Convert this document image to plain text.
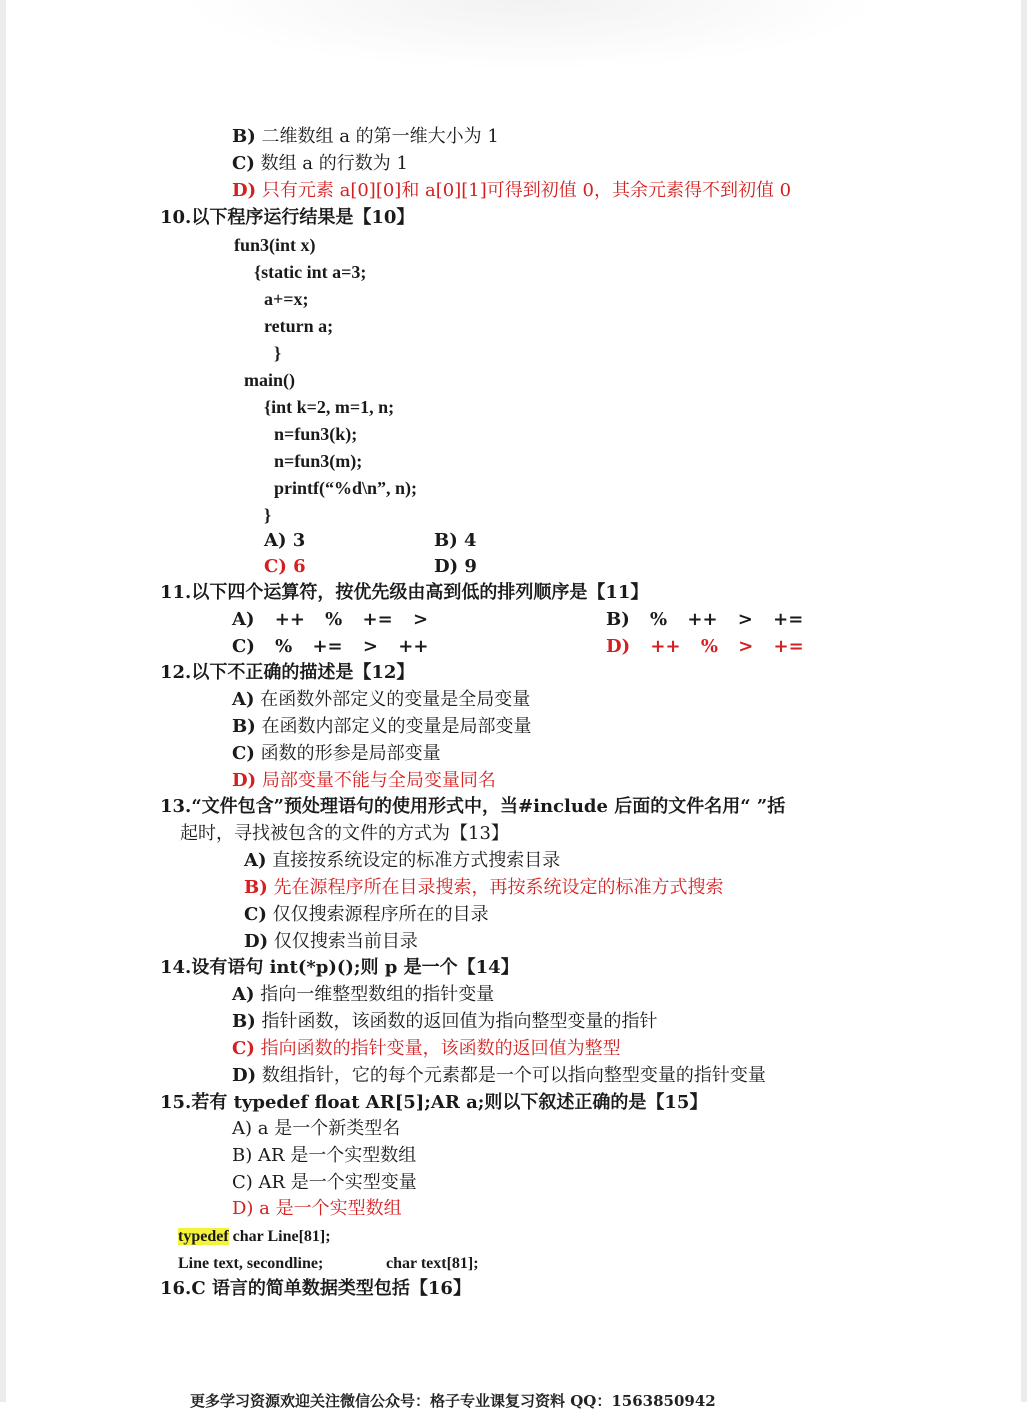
B) 二维数组 a 的第一维大小为 1
C) 数组 a 的行数为 1
D) 只有元素 a[0][0]和 a[0][1]可得到初值 0，其余元素得不到初值 0
10.以下程序运行结果是【10】
fun3(int x)
{static int a=3;
a+=x;
return a;
}
main()
{int k=2, m=1, n;
n=fun3(k);
n=fun3(m);
printf(“%d\n”, n);
}
A) 3	B) 4
C) 6	D) 9
11.以下四个运算符，按优先级由高到低的排列顺序是【11】
A) ++ % += >	B) % ++ > +=
C) % += > ++	D) ++ % > +=
12.以下不正确的描述是【12】
A) 在函数外部定义的变量是全局变量
B) 在函数内部定义的变量是局部变量
C) 函数的形参是局部变量
D) 局部变量不能与全局变量同名
13.“文件包含”预处理语句的使用形式中，当#include 后面的文件名用“ ”括
起时，寻找被包含的文件的方式为【13】
A) 直接按系统设定的标准方式搜索目录
B) 先在源程序所在目录搜索，再按系统设定的标准方式搜索
C) 仅仅搜索源程序所在的目录
D) 仅仅搜索当前目录
14.设有语句 int(*p)();则 p 是一个【14】
A) 指向一维整型数组的指针变量
B) 指针函数，该函数的返回值为指向整型变量的指针
C) 指向函数的指针变量，该函数的返回值为整型
D) 数组指针，它的每个元素都是一个可以指向整型变量的指针变量
15.若有 typedef float AR[5];AR a;则以下叙述正确的是【15】
A) a 是一个新类型名
B) AR 是一个实型数组
C) AR 是一个实型变量
D) a 是一个实型数组
typedef char Line[81];
Line text, secondline;	char text[81];
16.C 语言的简单数据类型包括【16】
更多学习资源欢迎关注微信公众号：格子专业课复习资料 QQ：1563850942
